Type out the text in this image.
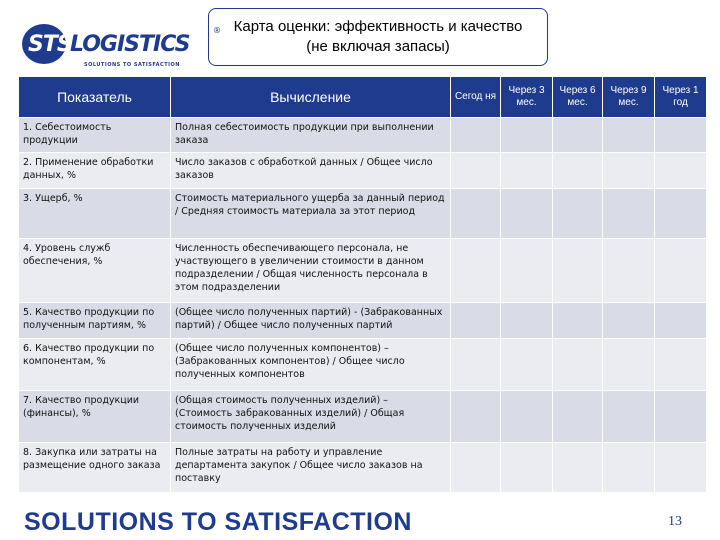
STS
LOGISTICS
®
SOLUTIONS TO SATISFACTION
Карта оценки: эффективность и качество (не включая запасы)
Показатель	Вычисление	Сегод ня	Через 3 мес.	Через 6 мес.	Через 9 мес.	Через 1 год
1. Себестоимость продукции	Полная себестоимость продукции при выполнении заказа					
2. Применение обработки данных, %	Число заказов с обработкой данных / Общее число заказов					
3. Ущерб, %	Стоимость материального ущерба за данный период / Средняя стоимость материала за этот период					
4. Уровень служб обеспечения, %	Численность обеспечивающего персонала, не участвующего в увеличении стоимости в данном подразделении / Общая численность персонала в этом подразделении					
5. Качество продукции по полученным партиям, %	(Общее число полученных партий) - (Забракованных партий) / Общее число полученных партий					
6. Качество продукции по компонентам, %	(Общее число полученных компонентов) – (Забракованных компонентов) / Общее число полученных компонентов					
7. Качество продукции (финансы), %	(Общая стоимость полученных изделий) – (Стоимость забракованных изделий) / Общая стоимость полученных изделий					
8. Закупка или затраты на размещение одного заказа	Полные затраты на работу и управление департамента закупок / Общее число заказов на поставку					
SOLUTIONS TO SATISFACTION	13
